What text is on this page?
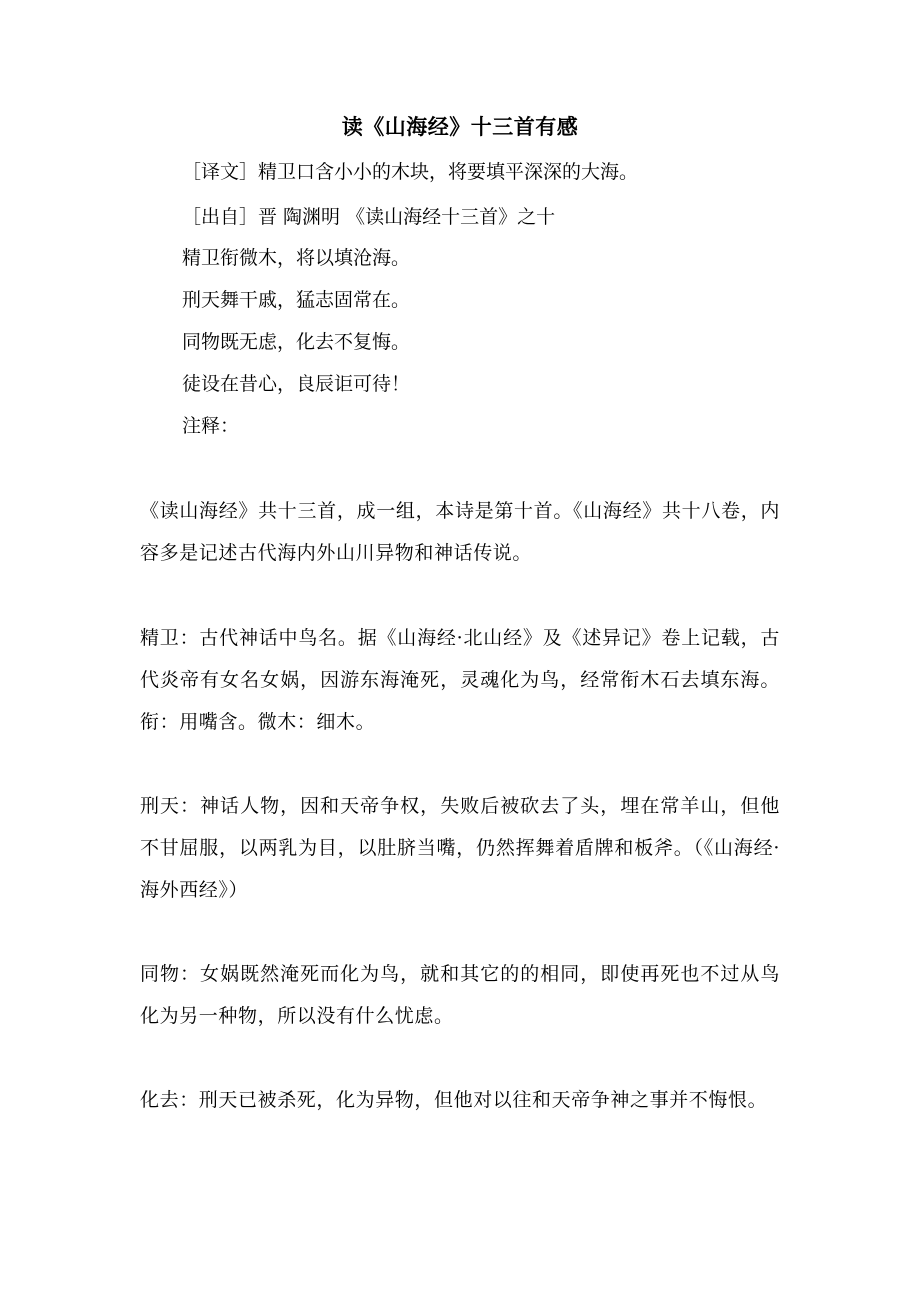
读《山海经》十三首有感
［译文］精卫口含小小的木块，将要填平深深的大海。
［出自］晋 陶渊明 《读山海经十三首》之十
精卫衔微木，将以填沧海。
刑天舞干戚，猛志固常在。
同物既无虑，化去不复悔。
徒设在昔心，良辰讵可待！
注释：
《读山海经》共十三首，成一组，本诗是第十首。《山海经》共十八卷，内容多是记述古代海内外山川异物和神话传说。
精卫：古代神话中鸟名。据《山海经·北山经》及《述异记》卷上记载，古代炎帝有女名女娲，因游东海淹死，灵魂化为鸟，经常衔木石去填东海。衔：用嘴含。微木：细木。
刑天：神话人物，因和天帝争权，失败后被砍去了头，埋在常羊山，但他不甘屈服，以两乳为目，以肚脐当嘴，仍然挥舞着盾牌和板斧。（《山海经·海外西经》）
同物：女娲既然淹死而化为鸟，就和其它的的相同，即使再死也不过从鸟化为另一种物，所以没有什么忧虑。
化去：刑天已被杀死，化为异物，但他对以往和天帝争神之事并不悔恨。
